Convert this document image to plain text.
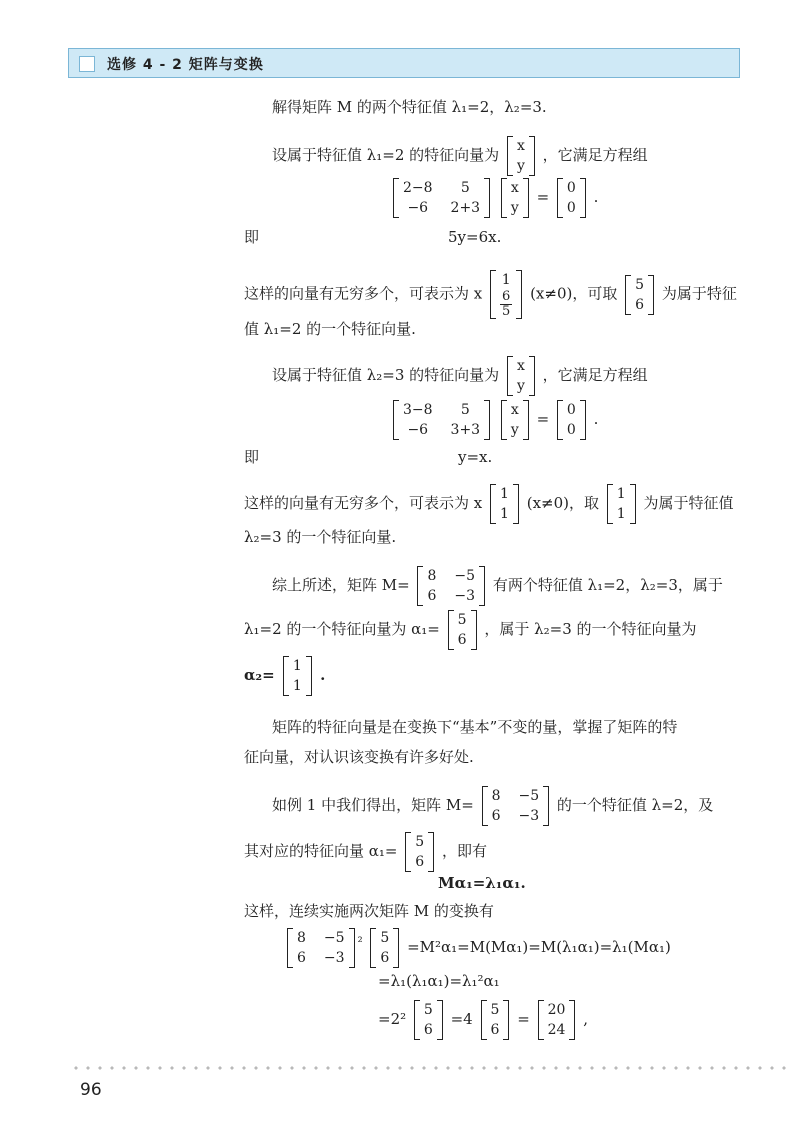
选修 4 - 2 矩阵与变换
解得矩阵 M 的两个特征值 λ₁=2，λ₂=3.
设属于特征值 λ₁=2 的特征向量为 x
y
，它满足方程组
2−8	5
−6	2+3

x
y
= 0
0
.
即	5y=6x.
这样的向量有无穷多个，可表示为 x
1
$\frac{6}{5} (x\ne 0)$，可取 5
6
为属于特征
值 λ₁=2 的一个特征向量.
设属于特征值 λ₂=3 的特征向量为 x
y
，它满足方程组
3−8	5
−6	3+3

x
y
= 0
0
.
即	y=x.
这样的向量有无穷多个，可表示为 x 1
1
(x≠0)，取 1
1
为属于特征值
λ₂=3 的一个特征向量.
综上所述，矩阵 M= 8 −5
6 −3
有两个特征值 λ₁=2，λ₂=3，属于
λ₁=2 的一个特征向量为 α₁= 5
6
，属于 λ₂=3 的一个特征向量为
α₂= 1
1
.
矩阵的特征向量是在变换下“基本”不变的量，掌握了矩阵的特
征向量，对认识该变换有许多好处.
如例 1 中我们得出，矩阵 M= 8 −5
6 −3
的一个特征值 λ=2，及
其对应的特征向量 α₁= 5
6
，即有
Mα₁=λ₁α₁.
这样，连续实施两次矩阵 M 的变换有
8 −5
6 −3
$^{^2}$ 5
6
=M²α₁=M(Mα₁)=M(λ₁α₁)=λ₁(Mα₁)
=λ₁(λ₁α₁)=λ₁²α₁
=2² 5
6
=4 5
6
= 20
24
,
96
